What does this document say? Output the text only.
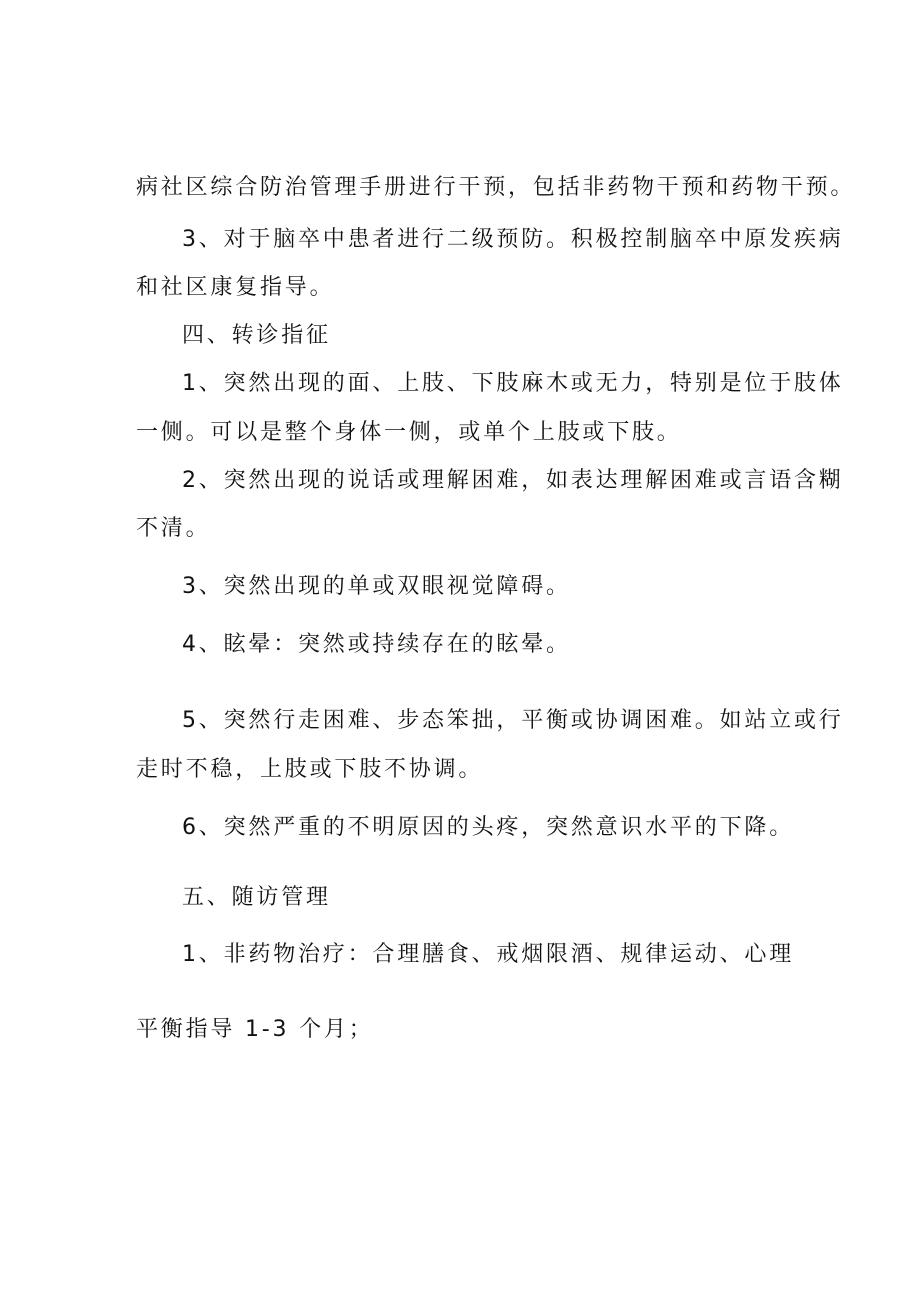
病社区综合防治管理手册进行干预，包括非药物干预和药物干预。
3、对于脑卒中患者进行二级预防。积极控制脑卒中原发疾病
和社区康复指导。
四、转诊指征
1、突然出现的面、上肢、下肢麻木或无力，特别是位于肢体
一侧。可以是整个身体一侧，或单个上肢或下肢。
2、突然出现的说话或理解困难，如表达理解困难或言语含糊
不清。
3、突然出现的单或双眼视觉障碍。
4、眩晕：突然或持续存在的眩晕。
5、突然行走困难、步态笨拙，平衡或协调困难。如站立或行
走时不稳，上肢或下肢不协调。
6、突然严重的不明原因的头疼，突然意识水平的下降。
五、随访管理
1、非药物治疗：合理膳食、戒烟限酒、规律运动、心理
平衡指导 1-3 个月；
